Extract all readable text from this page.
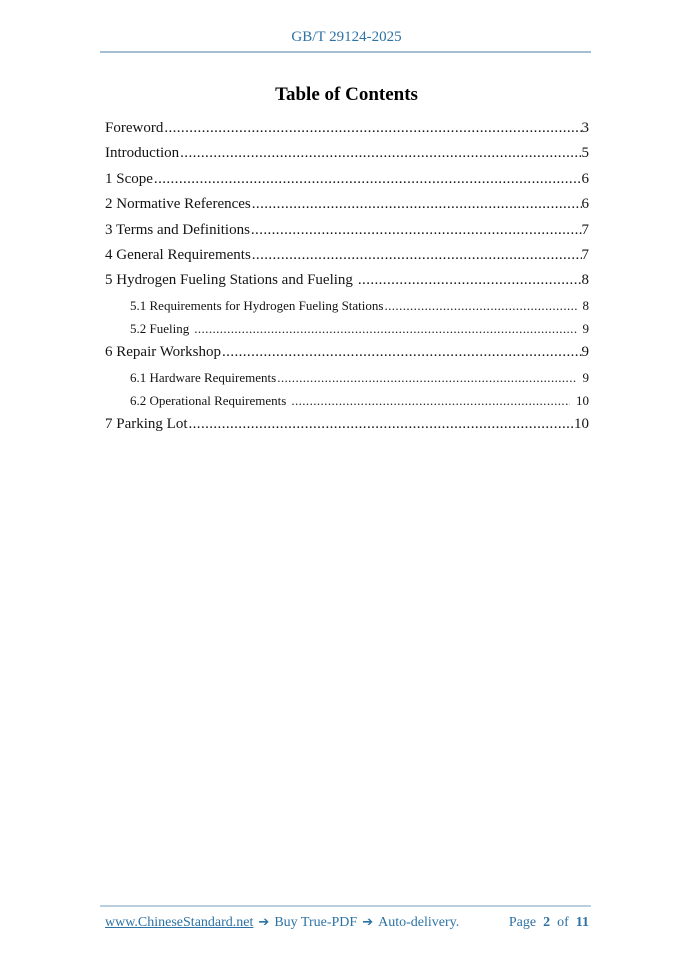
GB/T 29124-2025
Table of Contents
Foreword .....	3
Introduction .....	5
1 Scope .....	6
2 Normative References .....	6
3 Terms and Definitions .....	7
4 General Requirements .....	7
5 Hydrogen Fueling Stations and Fueling .....	8
5.1 Requirements for Hydrogen Fueling Stations .....	8
5.2 Fueling .....	9
6 Repair Workshop .....	9
6.1 Hardware Requirements .....	9
6.2 Operational Requirements .....	10
7 Parking Lot .....	10
www.ChineseStandard.net ➔ Buy True-PDF ➔ Auto-delivery.	Page 2 of 11
